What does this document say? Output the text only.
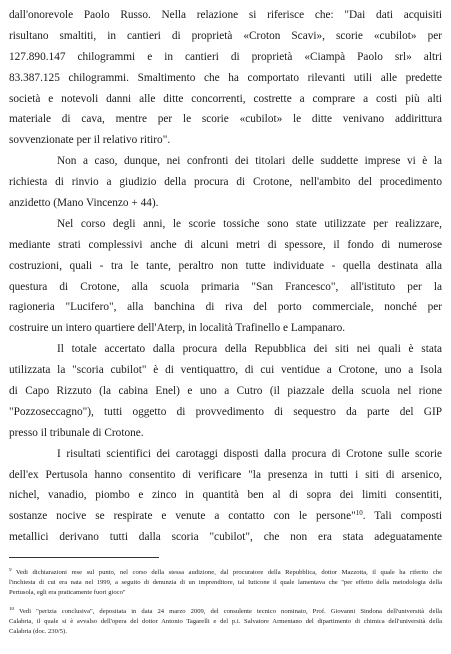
dall'onorevole Paolo Russo. Nella relazione si riferisce che: "Dai dati acquisiti
risultano smaltiti, in cantieri di proprietà «Croton Scavi», scorie «cubilot» per
127.890.147 chilogrammi e in cantieri di proprietà «Ciampà Paolo srl» altri
83.387.125 chilogrammi. Smaltimento che ha comportato rilevanti utili alle predette
società e notevoli danni alle ditte concorrenti, costrette a comprare a costi più alti
materiale di cava, mentre per le scorie «cubilot» le ditte venivano addirittura
sovvenzionate per il relativo ritiro".
Non a caso, dunque, nei confronti dei titolari delle suddette imprese vi è la
richiesta di rinvio a giudizio della procura di Crotone, nell'ambito del procedimento
anzidetto (Mano Vincenzo + 44).
Nel corso degli anni, le scorie tossiche sono state utilizzate per realizzare,
mediante strati complessivi anche di alcuni metri di spessore, il fondo di numerose
costruzioni, quali - tra le tante, peraltro non tutte individuate - quella destinata alla
questura di Crotone, alla scuola primaria "San Francesco", all'istituto per la
ragioneria "Lucifero", alla banchina di riva del porto commerciale, nonché per
costruire un intero quartiere dell'Aterp, in località Trafinello e Lampanaro.
Il totale accertato dalla procura della Repubblica dei siti nei quali è stata
utilizzata la "scoria cubilot" è di ventiquattro, di cui ventidue a Crotone, uno a Isola
di Capo Rizzuto (la cabina Enel) e uno a Cutro (il piazzale della scuola nel rione
"Pozzoseccagno"), tutti oggetto di provvedimento di sequestro da parte del GIP
presso il tribunale di Crotone.
I risultati scientifici dei carotaggi disposti dalla procura di Crotone sulle scorie
dell'ex Pertusola hanno consentito di verificare "la presenza in tutti i siti di arsenico,
nichel, vanadio, piombo e zinco in quantità ben al di sopra dei limiti consentiti,
sostanze nocive se respirate e venute a contatto con le persone"$^{10}$. Tali composti
metallici derivano tutti dalla scoria "cubilot", che non era stata adeguatamente
$^9$ Vedi dichiarazioni rese sul punto, nel corso della stessa audizione, dal procuratore della Repubblica, dottor Mazzotta, il quale ha riferito che
l'inchiesta di cui era nata nel 1999, a seguito di denunzia di un imprenditore, tal Iuticone il quale lamentava che "per effetto della metodologia della
Pertusola, egli era praticamente fuori gioco"
$^{10}$ Vedi "perizia conclusiva", depositata in data 24 marzo 2009, del consulente tecnico nominato, Prof. Giovanni Sindona dell'università della
Calabria, il quale si è avvalso dell'opera del dottor Antonio Tagarelli e del p.i. Salvatore Armentano del dipartimento di chimica dell'università della
Calabria (doc. 230/5).
